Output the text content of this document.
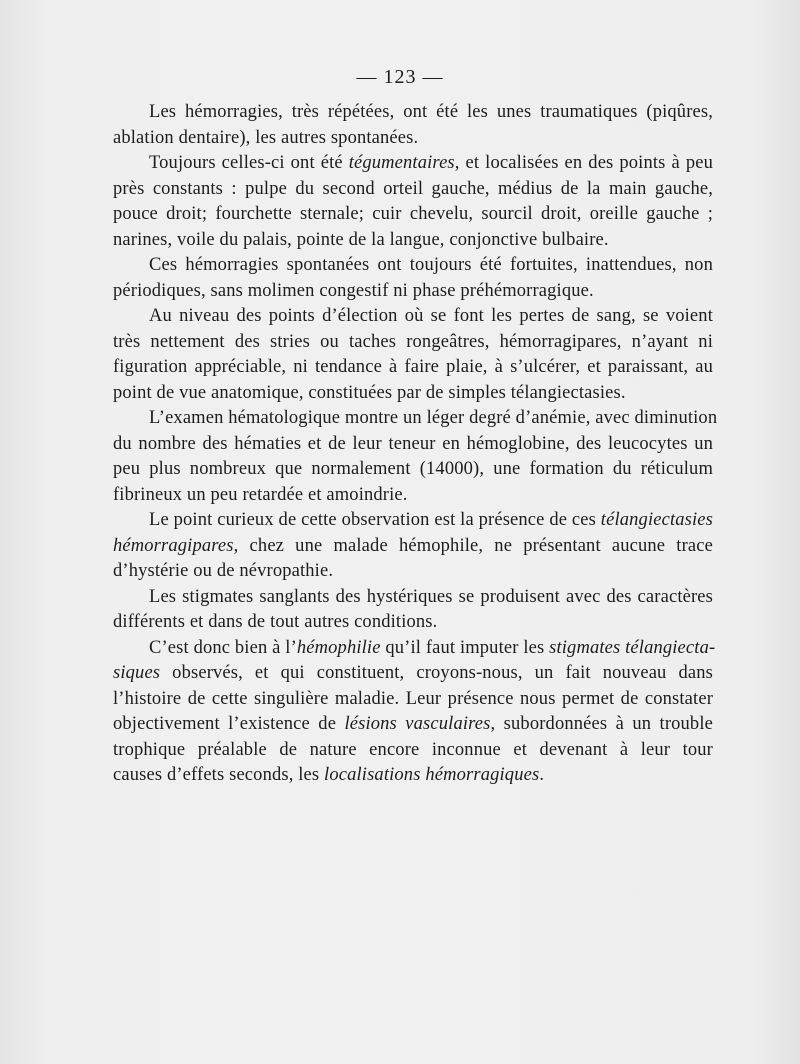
— 123 —
Les hémorragies, très répétées, ont été les unes traumatiques (piqûres,
ablation dentaire), les autres spontanées.
Toujours celles-ci ont été tégumentaires, et localisées en des points à peu
près constants : pulpe du second orteil gauche, médius de la main gauche,
pouce droit; fourchette sternale; cuir chevelu, sourcil droit, oreille gauche ;
narines, voile du palais, pointe de la langue, conjonctive bulbaire.
Ces hémorragies spontanées ont toujours été fortuites, inattendues, non
périodiques, sans molimen congestif ni phase préhémorragique.
Au niveau des points d’élection où se font les pertes de sang, se voient
très nettement des stries ou taches rongeâtres, hémorragipares, n’ayant ni
figuration appréciable, ni tendance à faire plaie, à s’ulcérer, et paraissant, au
point de vue anatomique, constituées par de simples télangiectasies.
L’examen hématologique montre un léger degré d’anémie, avec diminution
du nombre des hématies et de leur teneur en hémoglobine, des leucocytes un
peu plus nombreux que normalement (14000), une formation du réticulum
fibrineux un peu retardée et amoindrie.
Le point curieux de cette observation est la présence de ces télangiectasies
hémorragipares, chez une malade hémophile, ne présentant aucune trace
d’hystérie ou de névropathie.
Les stigmates sanglants des hystériques se produisent avec des caractères
différents et dans de tout autres conditions.
C’est donc bien à l’hémophilie qu’il faut imputer les stigmates télangiecta-
siques observés, et qui constituent, croyons-nous, un fait nouveau dans
l’histoire de cette singulière maladie. Leur présence nous permet de constater
objectivement l’existence de lésions vasculaires, subordonnées à un trouble
trophique préalable de nature encore inconnue et devenant à leur tour
causes d’effets seconds, les localisations hémorragiques.
